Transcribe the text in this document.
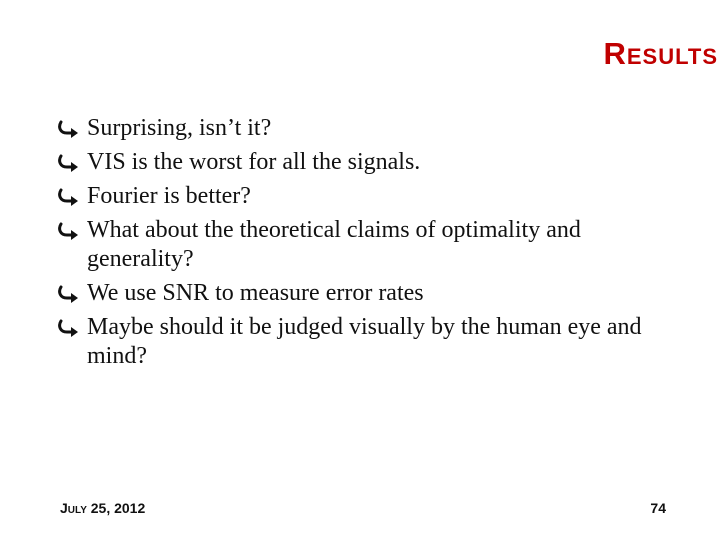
Results
Surprising, isn’t it?
VIS is the worst for all the signals.
Fourier is better?
What about the theoretical claims of optimality and generality?
We use SNR to measure error rates
Maybe should it be judged visually by the human eye and mind?
July 25, 2012	74
